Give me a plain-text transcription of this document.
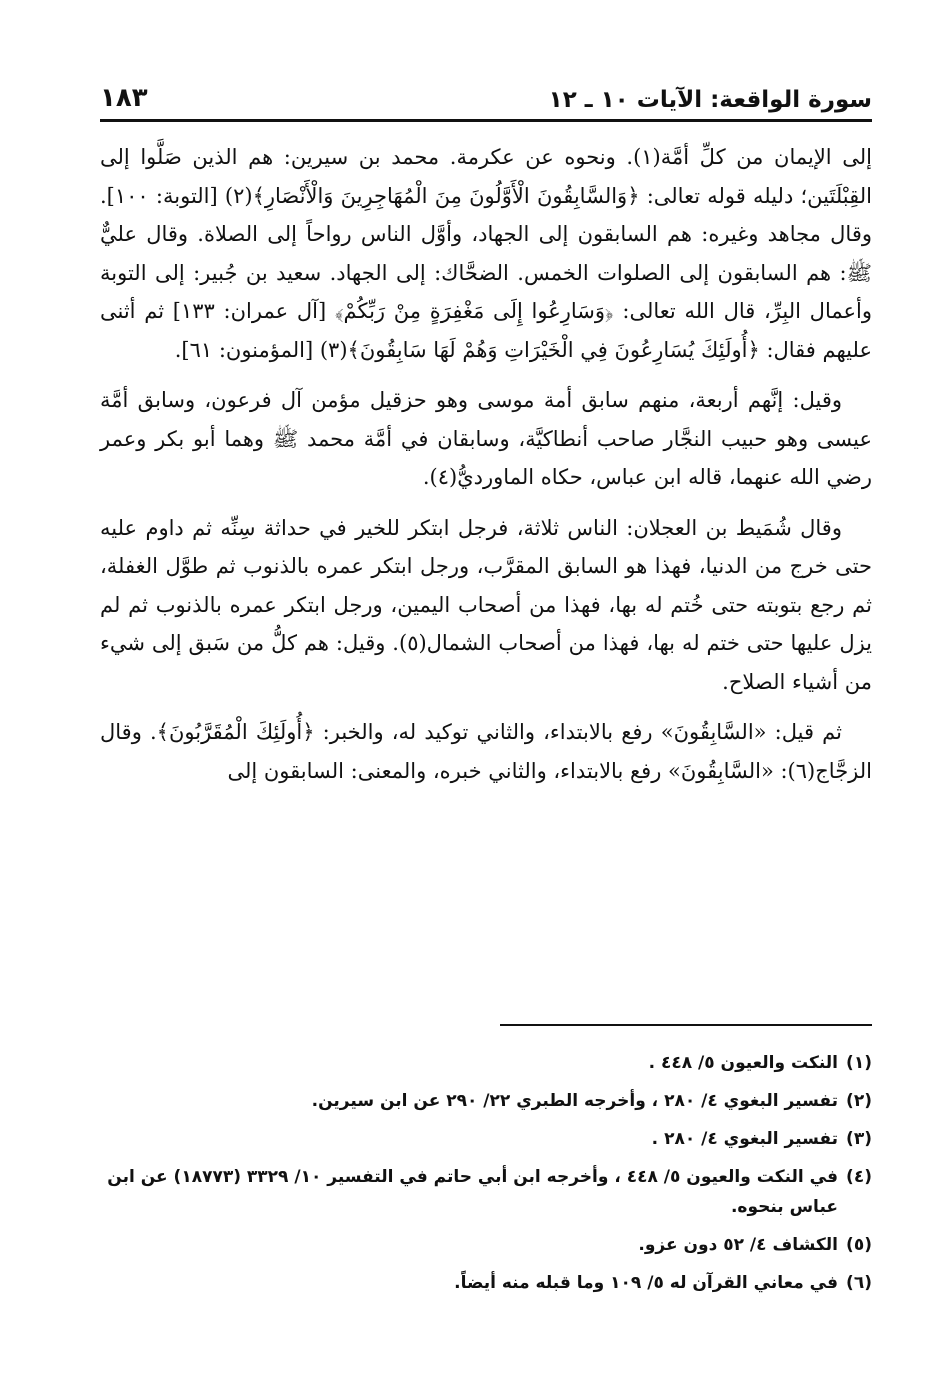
سورة الواقعة: الآيات ١٠ ـ ١٢
١٨٣

إلى الإيمان من كلِّ أمَّة(١). ونحوه عن عكرمة. محمد بن سيرين: هم الذين صَلَّوا إلى القِبْلَتَين؛ دليله قوله تعالى: ﴿وَالسَّابِقُونَ الْأَوَّلُونَ مِنَ الْمُهَاجِرِينَ وَالْأَنْصَارِ﴾(٢) [التوبة: ١٠٠]. وقال مجاهد وغيره: هم السابقون إلى الجهاد، وأوَّل الناس رواحاً إلى الصلاة. وقال عليٌّ ﷺ: هم السابقون إلى الصلوات الخمس. الضحَّاك: إلى الجهاد. سعيد بن جُبير: إلى التوبة وأعمال البِرِّ، قال الله تعالى: ﴿وَسَارِعُوا إِلَى مَغْفِرَةٍ مِنْ رَبِّكُمْ﴾ [آل عمران: ١٣٣] ثم أثنى عليهم فقال: ﴿أُولَئِكَ يُسَارِعُونَ فِي الْخَيْرَاتِ وَهُمْ لَهَا سَابِقُونَ﴾(٣) [المؤمنون: ٦١].

وقيل: إنَّهم أربعة، منهم سابق أمة موسى وهو حزقيل مؤمن آل فرعون، وسابق أمَّة عيسى وهو حبيب النجَّار صاحب أنطاكيَّة، وسابقان في أمَّة محمد ﷺ وهما أبو بكر وعمر رضي الله عنهما، قاله ابن عباس، حكاه الماورديُّ(٤).

وقال شُمَيط بن العجلان: الناس ثلاثة، فرجل ابتكر للخير في حداثة سِنِّه ثم داوم عليه حتى خرج من الدنيا، فهذا هو السابق المقرَّب، ورجل ابتكر عمره بالذنوب ثم طوَّل الغفلة، ثم رجع بتوبته حتى خُتم له بها، فهذا من أصحاب اليمين، ورجل ابتكر عمره بالذنوب ثم لم يزل عليها حتى ختم له بها، فهذا من أصحاب الشمال(٥). وقيل: هم كلُّ من سَبق إلى شيء من أشياء الصلاح.

ثم قيل: «السَّابِقُونَ» رفع بالابتداء، والثاني توكيد له، والخبر: ﴿أُولَئِكَ الْمُقَرَّبُونَ﴾. وقال الزجَّاج(٦): «السَّابِقُونَ» رفع بالابتداء، والثاني خبره، والمعنى: السابقون إلى

(١)
النكت والعيون ٥/ ٤٤٨ .
(٢)
تفسير البغوي ٤/ ٢٨٠ ، وأخرجه الطبري ٢٢/ ٢٩٠ عن ابن سيرين.
(٣)
تفسير البغوي ٤/ ٢٨٠ .
(٤)
في النكت والعيون ٥/ ٤٤٨ ، وأخرجه ابن أبي حاتم في التفسير ١٠/ ٣٣٢٩ (١٨٧٧٣) عن ابن عباس بنحوه.
(٥)
الكشاف ٤/ ٥٢ دون عزو.
(٦)
في معاني القرآن له ٥/ ١٠٩ وما قبله منه أيضاً.
